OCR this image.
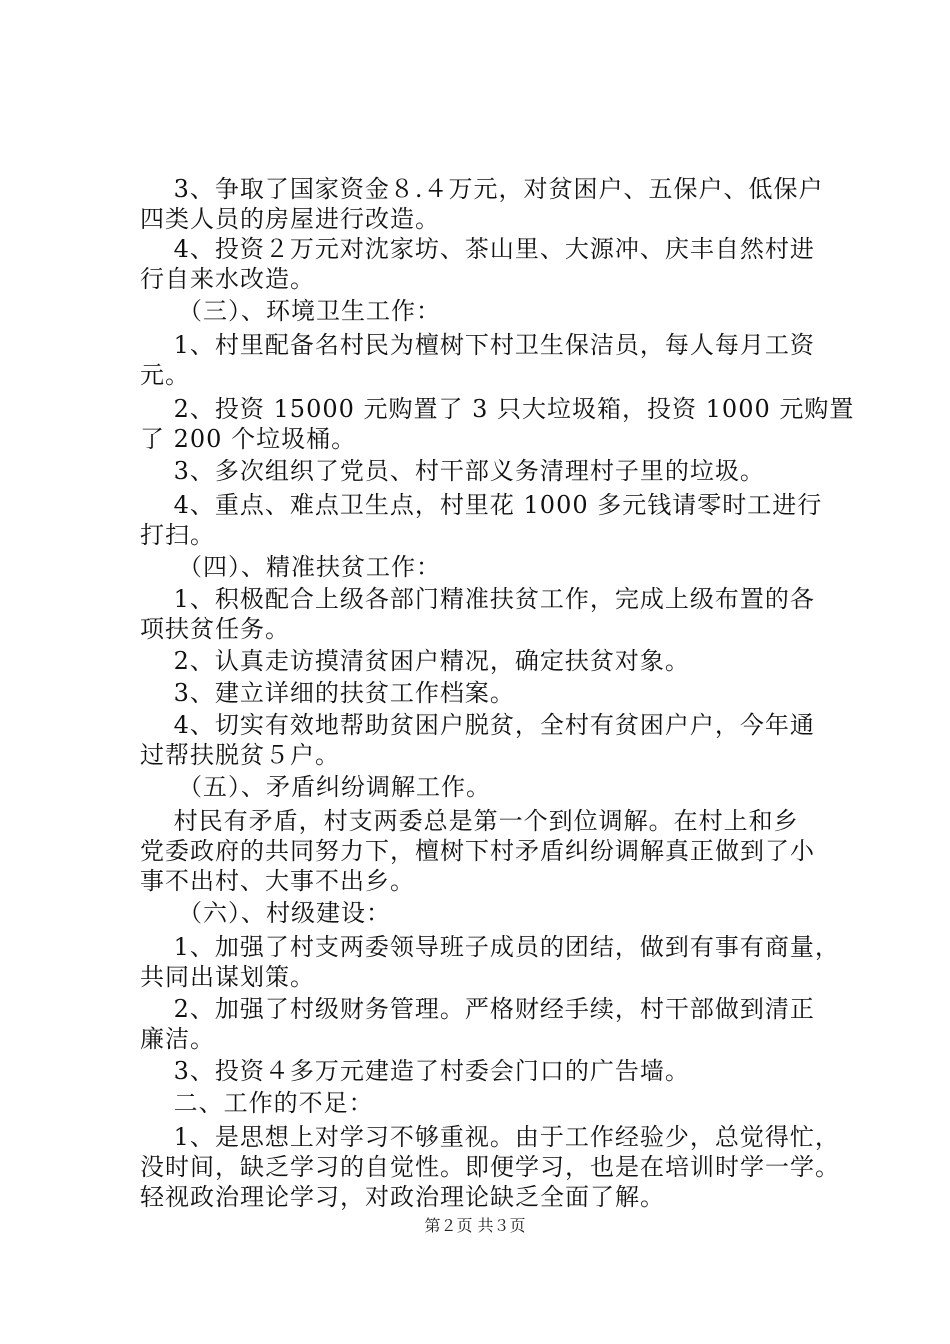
　 3、争取了国家资金８.４万元，对贫困户、五保户、低保户
四类人员的房屋进行改造。
　 4、投资２万元对沈家坊、茶山里、大源冲、庆丰自然村进
行自来水改造。
　　（三）、环境卫生工作：
　 1、村里配备名村民为檀树下村卫生保洁员，每人每月工资
元。
　 2、投资 15000 元购置了 3 只大垃圾箱，投资 1000 元购置
了 200 个垃圾桶。
　 3、多次组织了党员、村干部义务清理村子里的垃圾。
　 4、重点、难点卫生点，村里花 1000 多元钱请零时工进行
打扫。
　　（四）、精准扶贫工作：
　 1、积极配合上级各部门精准扶贫工作，完成上级布置的各
项扶贫任务。
　 2、认真走访摸清贫困户精况，确定扶贫对象。
　 3、建立详细的扶贫工作档案。
　 4、切实有效地帮助贫困户脱贫，全村有贫困户户，今年通
过帮扶脱贫５户。
　　（五）、矛盾纠纷调解工作。
　 村民有矛盾，村支两委总是第一个到位调解。在村上和乡
党委政府的共同努力下，檀树下村矛盾纠纷调解真正做到了小
事不出村、大事不出乡。
　　（六）、村级建设：
　 1、加强了村支两委领导班子成员的团结，做到有事有商量，
共同出谋划策。
　 2、加强了村级财务管理。严格财经手续，村干部做到清正
廉洁。
　 3、投资４多万元建造了村委会门口的广告墙。
　 二、工作的不足：
　 1、是思想上对学习不够重视。由于工作经验少，总觉得忙，
没时间，缺乏学习的自觉性。即便学习，也是在培训时学一学。
轻视政治理论学习，对政治理论缺乏全面了解。
第２页 共３页
